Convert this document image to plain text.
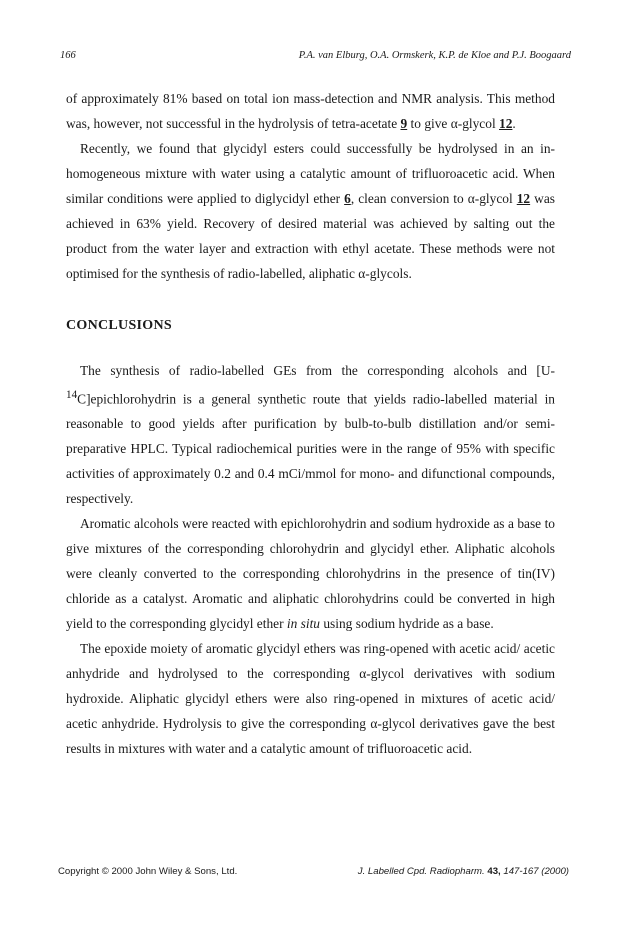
166	P.A. van Elburg, O.A. Ormskerk, K.P. de Kloe and P.J. Boogaard

of approximately 81% based on total ion mass-detection and NMR analysis. This method was, however, not successful in the hydrolysis of tetra-acetate 9 to give α-glycol 12.

Recently, we found that glycidyl esters could successfully be hydrolysed in an in-homogeneous mixture with water using a catalytic amount of trifluoroacetic acid. When similar conditions were applied to diglycidyl ether 6, clean conversion to α-glycol 12 was achieved in 63% yield. Recovery of desired material was achieved by salting out the product from the water layer and extraction with ethyl acetate. These methods were not optimised for the synthesis of radio-labelled, aliphatic α-glycols.

CONCLUSIONS

The synthesis of radio-labelled GEs from the corresponding alcohols and [U-$^{14}$C]epichlorohydrin is a general synthetic route that yields radio-labelled material in reasonable to good yields after purification by bulb-to-bulb distillation and/or semi-preparative HPLC. Typical radiochemical purities were in the range of 95% with specific activities of approximately 0.2 and 0.4 mCi/mmol for mono- and difunctional compounds, respectively.

Aromatic alcohols were reacted with epichlorohydrin and sodium hydroxide as a base to give mixtures of the corresponding chlorohydrin and glycidyl ether. Aliphatic alcohols were cleanly converted to the corresponding chlorohydrins in the presence of tin(IV) chloride as a catalyst. Aromatic and aliphatic chlorohydrins could be converted in high yield to the corresponding glycidyl ether in situ using sodium hydride as a base.

The epoxide moiety of aromatic glycidyl ethers was ring-opened with acetic acid/ acetic anhydride and hydrolysed to the corresponding α-glycol derivatives with sodium hydroxide. Aliphatic glycidyl ethers were also ring-opened in mixtures of acetic acid/ acetic anhydride. Hydrolysis to give the corresponding α-glycol derivatives gave the best results in mixtures with water and a catalytic amount of trifluoroacetic acid.

Copyright © 2000 John Wiley & Sons, Ltd.	J. Labelled Cpd. Radiopharm. 43, 147-167 (2000)
